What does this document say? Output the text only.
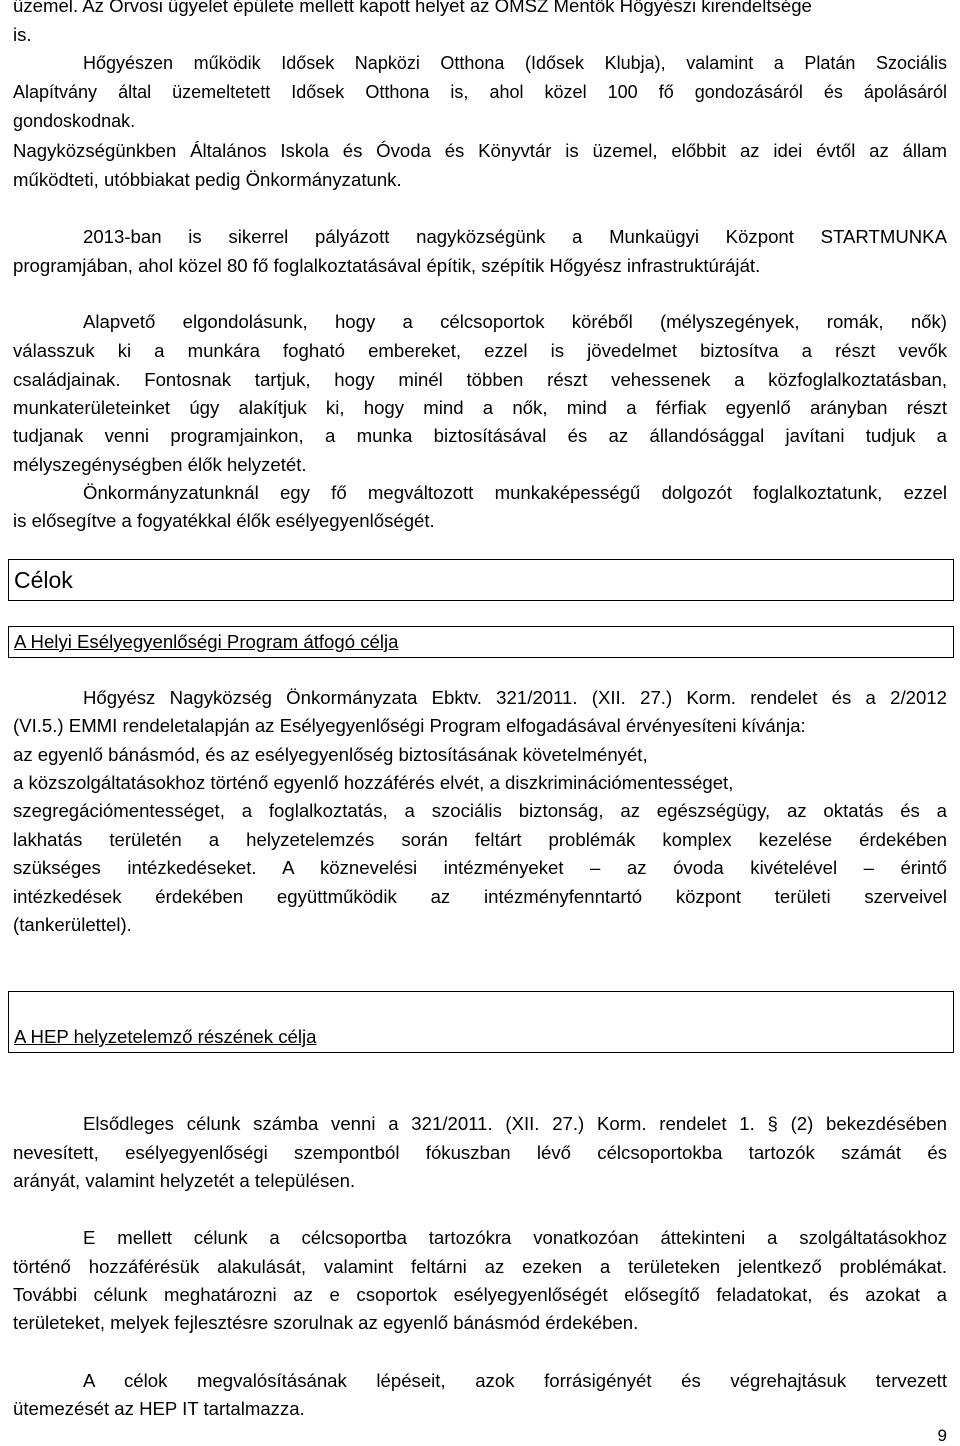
üzemel. Az Orvosi ügyelet épülete mellett kapott helyet az OMSZ Mentők Hőgyészi kirendeltsége
is.
Hőgyészen működik Idősek Napközi Otthona (Idősek Klubja), valamint a Platán Szociális
Alapítvány által üzemeltetett Idősek Otthona is, ahol közel 100 fő gondozásáról és ápolásáról
gondoskodnak.
Nagyközségünkben Általános Iskola és Óvoda és Könyvtár is üzemel, előbbit az idei évtől az állam
működteti, utóbbiakat pedig Önkormányzatunk.
2013-ban is sikerrel pályázott nagyközségünk a Munkaügyi Központ STARTMUNKA
programjában, ahol közel 80 fő foglalkoztatásával építik, szépítik Hőgyész infrastruktúráját.
Alapvető elgondolásunk, hogy a célcsoportok köréből (mélyszegények, romák, nők)
válasszuk ki a munkára fogható embereket, ezzel is jövedelmet biztosítva a részt vevők
családjainak. Fontosnak tartjuk, hogy minél többen részt vehessenek a közfoglalkoztatásban,
munkaterületeinket úgy alakítjuk ki, hogy mind a nők, mind a férfiak egyenlő arányban részt
tudjanak venni programjainkon, a munka biztosításával és az állandósággal javítani tudjuk a
mélyszegénységben élők helyzetét.
Önkormányzatunknál egy fő megváltozott munkaképességű dolgozót foglalkoztatunk, ezzel
is elősegítve a fogyatékkal élők esélyegyenlőségét.
Célok
A Helyi Esélyegyenlőségi Program átfogó célja
Hőgyész Nagyközség Önkormányzata Ebktv. 321/2011. (XII. 27.) Korm. rendelet és a 2/2012
(VI.5.) EMMI rendeletalapján az Esélyegyenlőségi Program elfogadásával érvényesíteni kívánja:
az egyenlő bánásmód, és az esélyegyenlőség biztosításának követelményét,
a közszolgáltatásokhoz történő egyenlő hozzáférés elvét, a diszkriminációmentességet,
szegregációmentességet, a foglalkoztatás, a szociális biztonság, az egészségügy, az oktatás és a
lakhatás területén a helyzetelemzés során feltárt problémák komplex kezelése érdekében
szükséges intézkedéseket. A köznevelési intézményeket – az óvoda kivételével – érintő
intézkedések érdekében együttműködik az intézményfenntartó központ területi szerveivel
(tankerülettel).
A HEP helyzetelemző részének célja
Elsődleges célunk számba venni a 321/2011. (XII. 27.) Korm. rendelet 1. § (2) bekezdésében
nevesített, esélyegyenlőségi szempontból fókuszban lévő célcsoportokba tartozók számát és
arányát, valamint helyzetét a településen.
E mellett célunk a célcsoportba tartozókra vonatkozóan áttekinteni a szolgáltatásokhoz
történő hozzáférésük alakulását, valamint feltárni az ezeken a területeken jelentkező problémákat.
További célunk meghatározni az e csoportok esélyegyenlőségét elősegítő feladatokat, és azokat a
területeket, melyek fejlesztésre szorulnak az egyenlő bánásmód érdekében.
A célok megvalósításának lépéseit, azok forrásigényét és végrehajtásuk tervezett
ütemezését az HEP IT tartalmazza.
9
